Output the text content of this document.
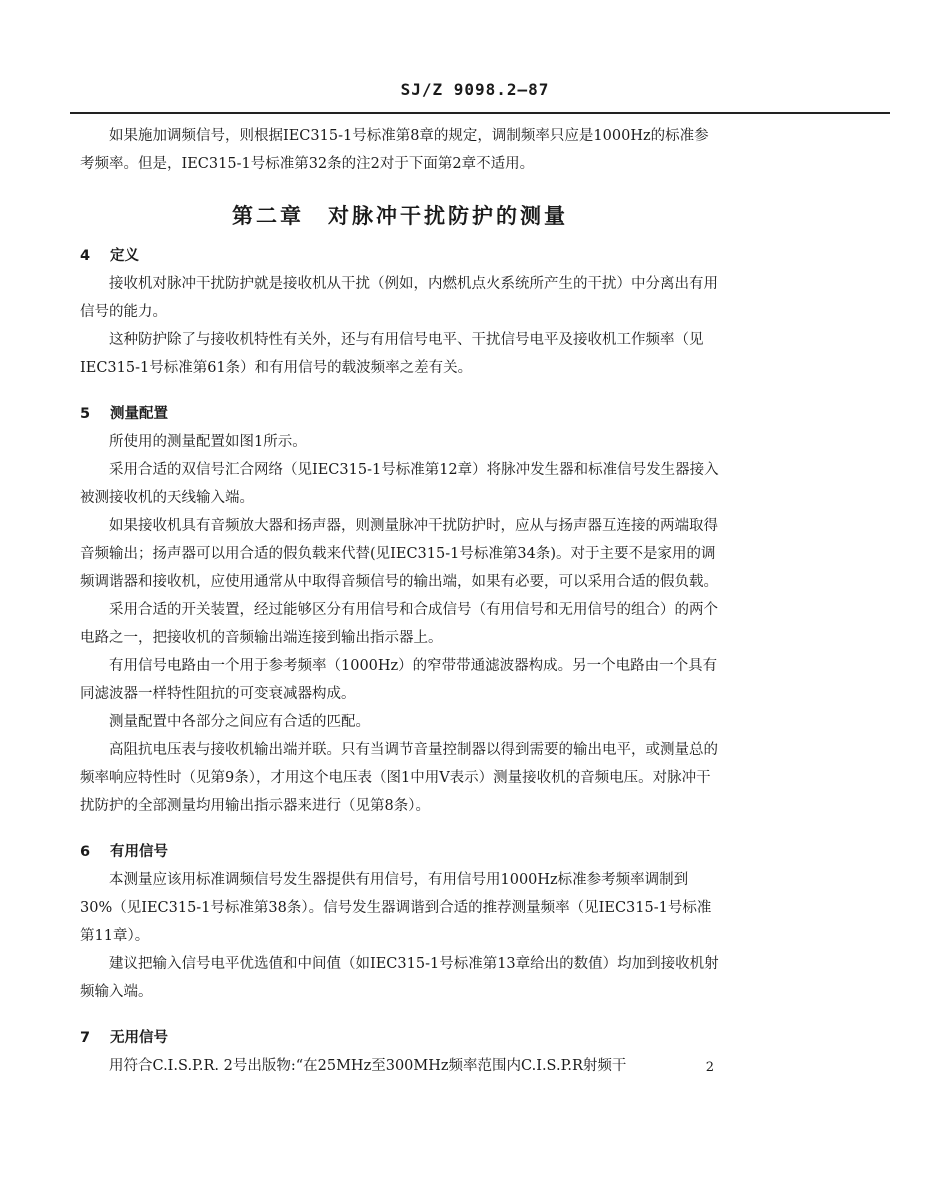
SJ/Z 9098.2—87

如果施加调频信号，则根据IEC315-1号标准第8章的规定，调制频率只应是1000Hz的标准参考频率。但是，IEC315-1号标准第32条的注2对于下面第2章不适用。

第二章　对脉冲干扰防护的测量
4 定义

接收机对脉冲干扰防护就是接收机从干扰（例如，内燃机点火系统所产生的干扰）中分离出有用信号的能力。

这种防护除了与接收机特性有关外，还与有用信号电平、干扰信号电平及接收机工作频率（见IEC315-1号标准第61条）和有用信号的载波频率之差有关。

5 测量配置

所使用的测量配置如图1所示。

采用合适的双信号汇合网络（见IEC315-1号标准第12章）将脉冲发生器和标准信号发生器接入被测接收机的天线输入端。

如果接收机具有音频放大器和扬声器，则测量脉冲干扰防护时，应从与扬声器互连接的两端取得音频输出；扬声器可以用合适的假负载来代替(见IEC315-1号标准第34条)。对于主要不是家用的调频调谐器和接收机，应使用通常从中取得音频信号的输出端，如果有必要，可以采用合适的假负载。

采用合适的开关装置，经过能够区分有用信号和合成信号（有用信号和无用信号的组合）的两个电路之一，把接收机的音频输出端连接到输出指示器上。

有用信号电路由一个用于参考频率（1000Hz）的窄带带通滤波器构成。另一个电路由一个具有同滤波器一样特性阻抗的可变衰减器构成。

测量配置中各部分之间应有合适的匹配。

高阻抗电压表与接收机输出端并联。只有当调节音量控制器以得到需要的输出电平，或测量总的频率响应特性时（见第9条），才用这个电压表（图1中用V表示）测量接收机的音频电压。对脉冲干扰防护的全部测量均用输出指示器来进行（见第8条）。

6 有用信号

本测量应该用标准调频信号发生器提供有用信号，有用信号用1000Hz标准参考频率调制到30%（见IEC315-1号标准第38条）。信号发生器调谐到合适的推荐测量频率（见IEC315-1号标准第11章）。

建议把输入信号电平优选值和中间值（如IEC315-1号标准第13章给出的数值）均加到接收机射频输入端。

7 无用信号

用符合C.I.S.P.R. 2号出版物:“在25MHz至300MHz频率范围内C.I.S.P.R射频干	2
